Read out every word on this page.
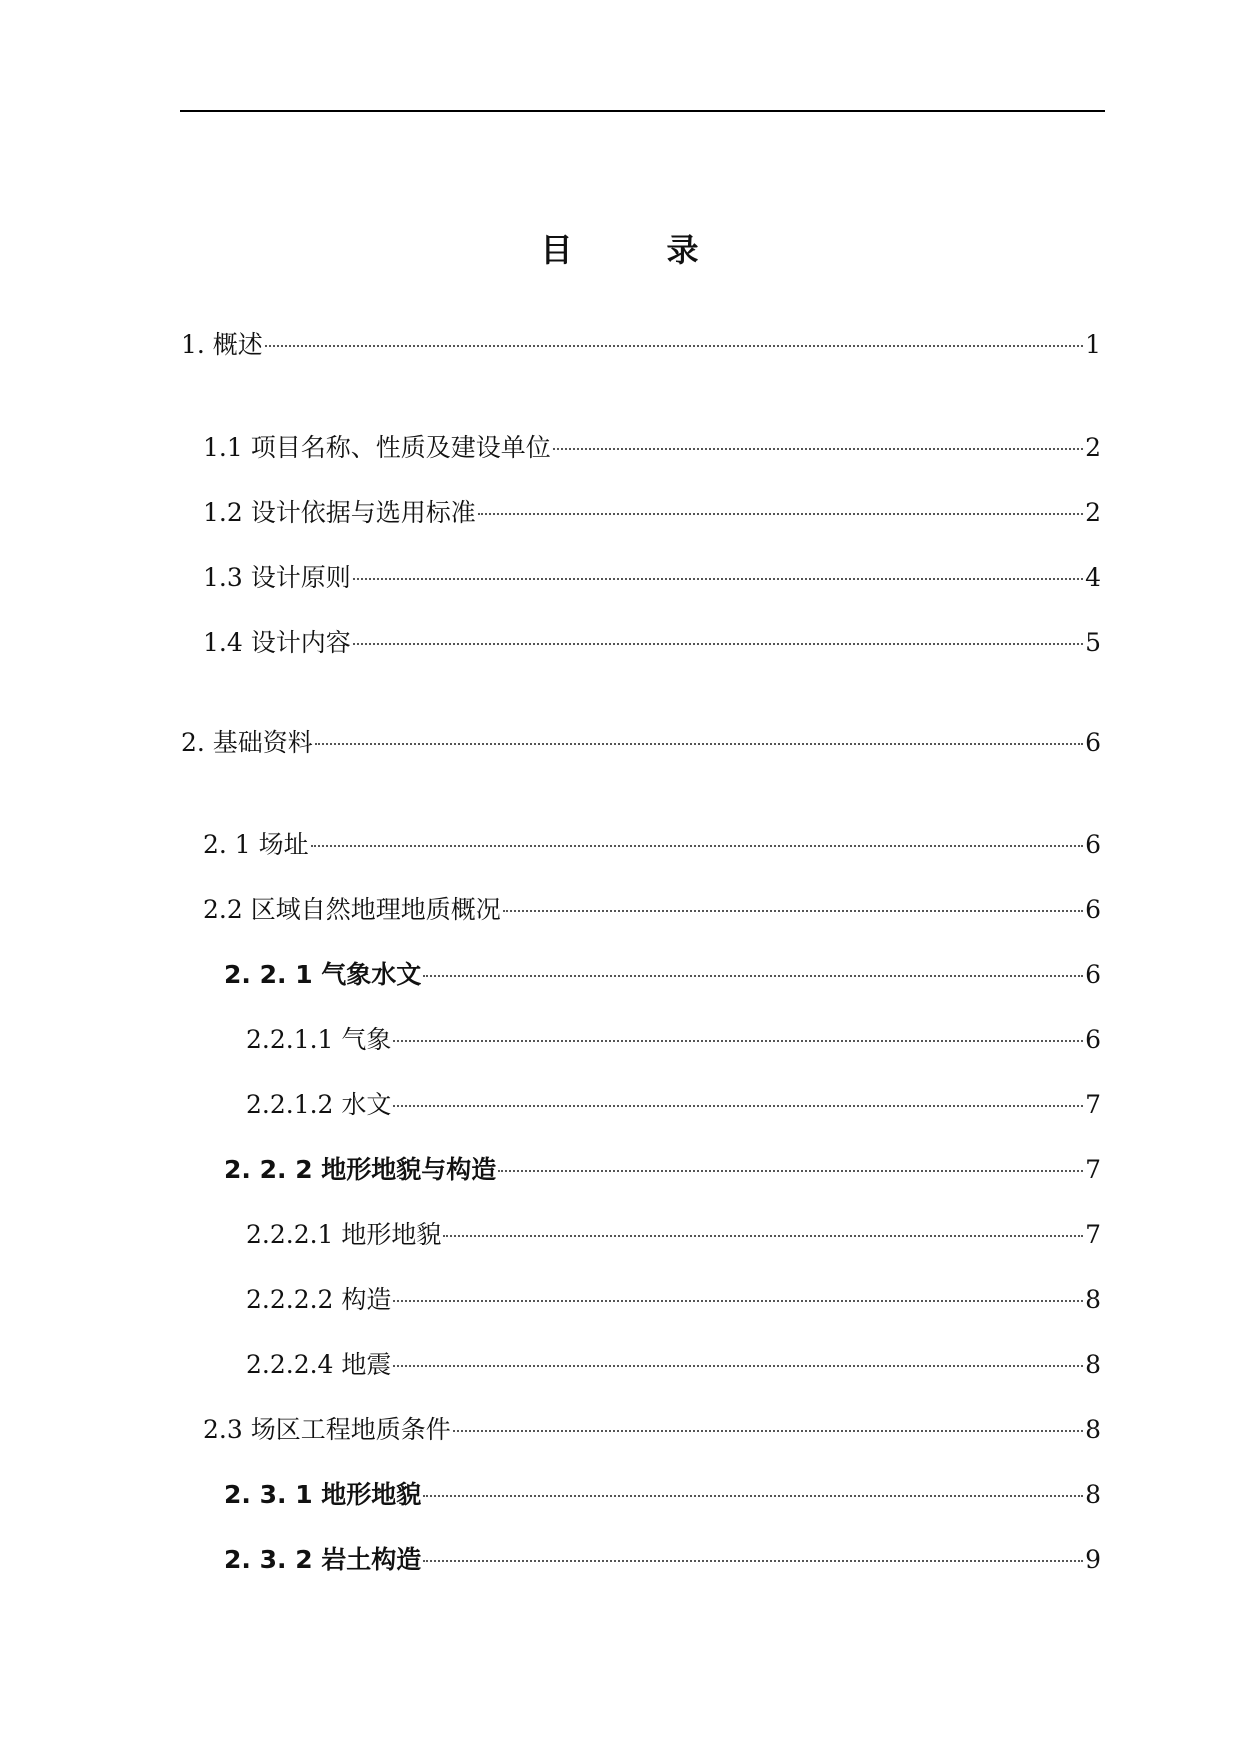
目	录
1. 概述	1
1.1 项目名称、性质及建设单位	2
1.2 设计依据与选用标准	2
1.3 设计原则	4
1.4 设计内容	5
2. 基础资料	6
2. 1 场址	6
2.2 区域自然地理地质概况	6
2. 2. 1 气象水文	6
2.2.1.1 气象	6
2.2.1.2 水文	7
2. 2. 2 地形地貌与构造	7
2.2.2.1 地形地貌	7
2.2.2.2 构造	8
2.2.2.4 地震	8
2.3 场区工程地质条件	8
2. 3. 1 地形地貌	8
2. 3. 2 岩土构造	9
